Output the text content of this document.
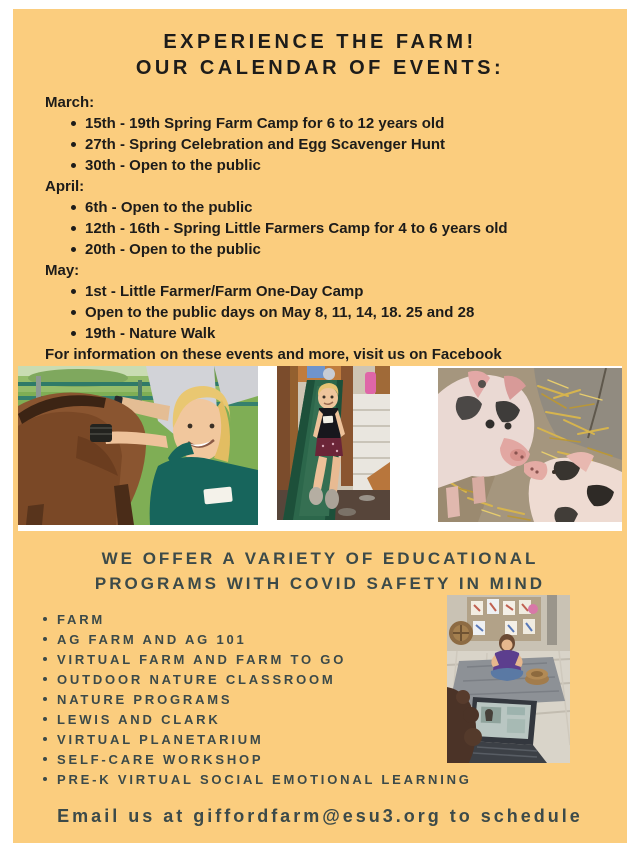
EXPERIENCE THE FARM!
OUR CALENDAR OF EVENTS:
March:
15th - 19th Spring Farm Camp for 6 to 12 years old
27th - Spring Celebration and Egg Scavenger Hunt
30th - Open to the public
April:
6th - Open to the public
12th - 16th - Spring Little Farmers Camp for 4 to 6 years old
20th - Open to the public
May:
1st - Little Farmer/Farm One-Day Camp
Open to the public days on May 8, 11, 14, 18. 25 and 28
19th - Nature Walk
For information on these events and more, visit us on Facebook
WE OFFER A VARIETY OF EDUCATIONAL
PROGRAMS WITH COVID SAFETY IN MIND
FARM
AG FARM AND AG 101
VIRTUAL FARM AND FARM TO GO
OUTDOOR NATURE CLASSROOM
NATURE PROGRAMS
LEWIS AND CLARK
VIRTUAL PLANETARIUM
SELF-CARE WORKSHOP
PRE-K VIRTUAL SOCIAL EMOTIONAL LEARNING
Email us at giffordfarm@esu3.org to schedule
